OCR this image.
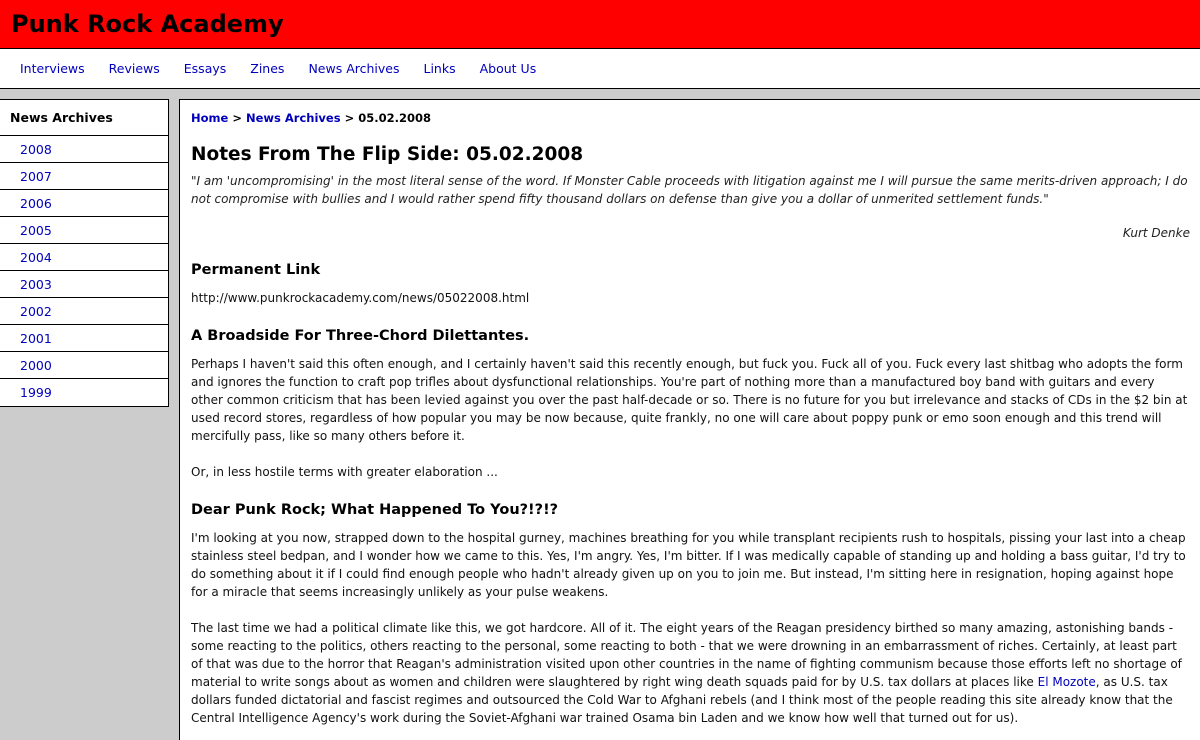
Punk Rock Academy
Interviews	Reviews	Essays	Zines	News Archives	Links	About Us
News Archives
2008
2007
2006
2005
2004
2003
2002
2001
2000
1999
Home > News Archives > 05.02.2008
Notes From The Flip Side: 05.02.2008

"I am 'uncompromising' in the most literal sense of the word. If Monster Cable proceeds with litigation against me I will pursue the same merits-driven approach; I do not compromise with bullies and I would rather spend fifty thousand dollars on defense than give you a dollar of unmerited settlement funds."

Kurt Denke

Permanent Link

http://www.punkrockacademy.com/news/05022008.html

A Broadside For Three-Chord Dilettantes.

Perhaps I haven't said this often enough, and I certainly haven't said this recently enough, but fuck you. Fuck all of you. Fuck every last shitbag who adopts the form and ignores the function to craft pop trifles about dysfunctional relationships. You're part of nothing more than a manufactured boy band with guitars and every other common criticism that has been levied against you over the past half-decade or so. There is no future for you but irrelevance and stacks of CDs in the $2 bin at used record stores, regardless of how popular you may be now because, quite frankly, no one will care about poppy punk or emo soon enough and this trend will mercifully pass, like so many others before it.

Or, in less hostile terms with greater elaboration ...

Dear Punk Rock; What Happened To You?!?!?

I'm looking at you now, strapped down to the hospital gurney, machines breathing for you while transplant recipients rush to hospitals, pissing your last into a cheap stainless steel bedpan, and I wonder how we came to this. Yes, I'm angry. Yes, I'm bitter. If I was medically capable of standing up and holding a bass guitar, I'd try to do something about it if I could find enough people who hadn't already given up on you to join me. But instead, I'm sitting here in resignation, hoping against hope for a miracle that seems increasingly unlikely as your pulse weakens.

The last time we had a political climate like this, we got hardcore. All of it. The eight years of the Reagan presidency birthed so many amazing, astonishing bands - some reacting to the politics, others reacting to the personal, some reacting to both - that we were drowning in an embarrassment of riches. Certainly, at least part of that was due to the horror that Reagan's administration visited upon other countries in the name of fighting communism because those efforts left no shortage of material to write songs about as women and children were slaughtered by right wing death squads paid for by U.S. tax dollars at places like El Mozote, as U.S. tax dollars funded dictatorial and fascist regimes and outsourced the Cold War to Afghani rebels (and I think most of the people reading this site already know that the Central Intelligence Agency's work during the Soviet-Afghani war trained Osama bin Laden and we know how well that turned out for us).
